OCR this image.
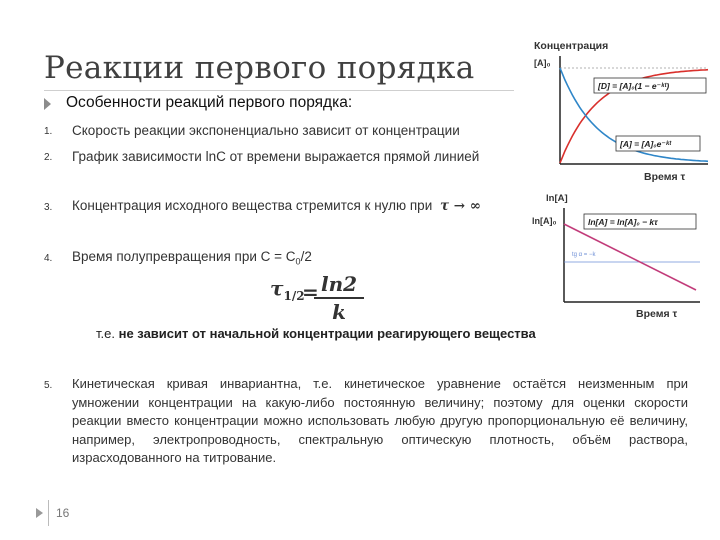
Реакции первого порядка
Особенности реакций первого порядка:
1. Скорость реакции экспоненциально зависит от концентрации
2. График зависимости lnC от времени выражается прямой линией
3. Концентрация исходного вещества стремится к нулю при τ → ∞
4. Время полупревращения при $С = С_0/2$
$\tau_{1/2}$
=
$\frac{\ln 2}{k}$
т.е. не зависит от начальной концентрации реагирующего вещества
5. Кинетическая кривая инвариантна, т.е. кинетическое уравнение остаётся неизменным при умножении концентрации на какую-либо постоянную величину; поэтому для оценки скорости реакции вместо концентрации можно использовать любую другую пропорциональную её величину, например, электропроводность, спектральную оптическую плотность, объём раствора, израсходованного на титрование.
16
Концентрация
[A]₀
[D] = [A]₀(1 − e⁻ᵏᵗ)
[A] = [A]₀e⁻ᵏᵗ
Время τ
ln[A]
ln[A]₀	ln[A] = ln[A]₀ − kτ
tg α = −k
Время τ
